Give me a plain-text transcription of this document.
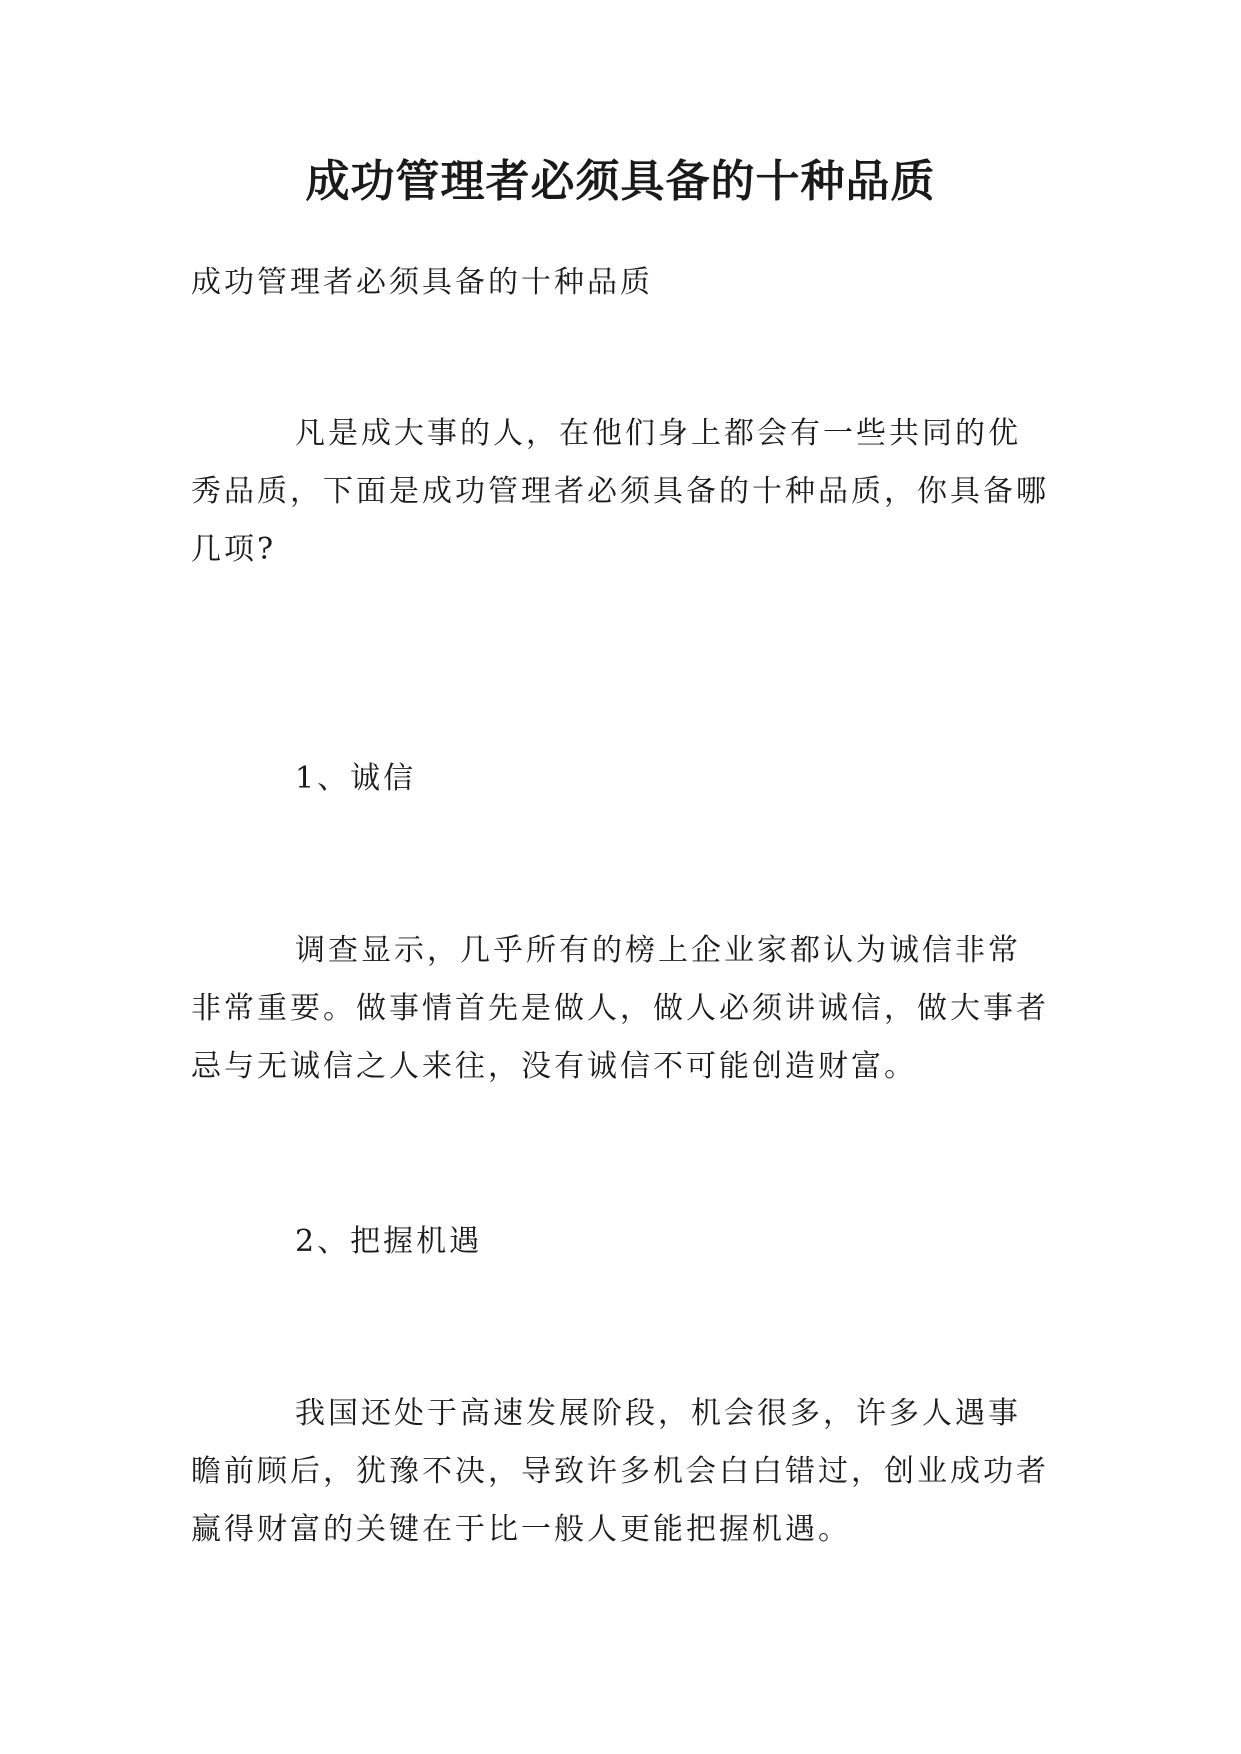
成功管理者必须具备的十种品质

成功管理者必须具备的十种品质

凡是成大事的人，在他们身上都会有一些共同的优秀品质，下面是成功管理者必须具备的十种品质，你具备哪几项?

1、诚信

调查显示，几乎所有的榜上企业家都认为诚信非常非常重要。做事情首先是做人，做人必须讲诚信，做大事者忌与无诚信之人来往，没有诚信不可能创造财富。

2、把握机遇

我国还处于高速发展阶段，机会很多，许多人遇事瞻前顾后，犹豫不决，导致许多机会白白错过，创业成功者赢得财富的关键在于比一般人更能把握机遇。
